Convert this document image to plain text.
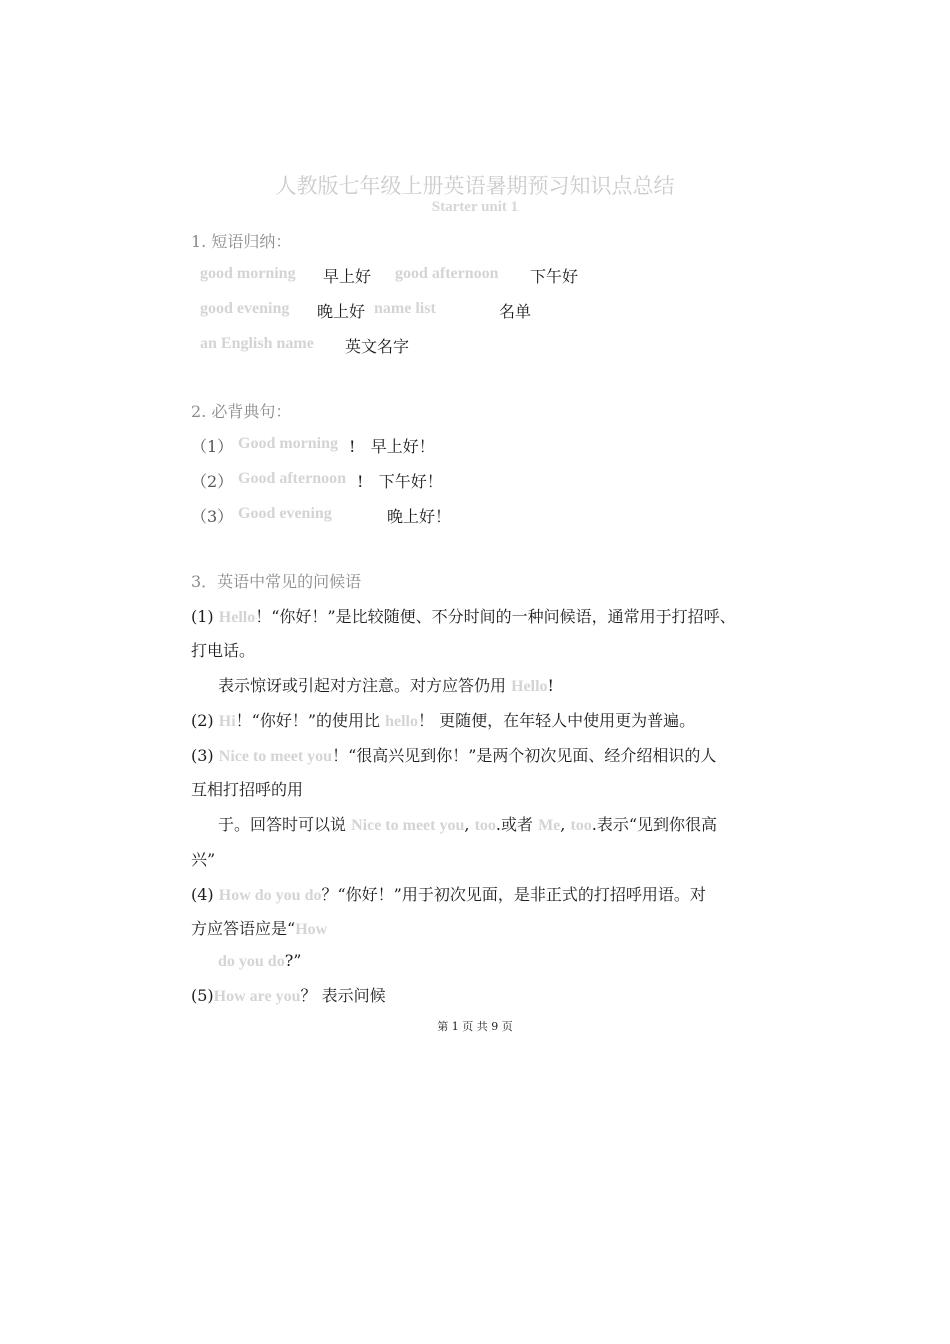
人教版七年级上册英语暑期预习知识点总结
Starter unit 1
1. 短语归纳：
good morning 早上好 good afternoon 下午好
good evening 晚上好 name list	名单
an English name 英文名字
2. 必背典句：
（1） Good morning !   早上好！
（2） Good afternoon !   下午好！
（3） Good evening	晚上好！
3．英语中常见的问候语
(1) Hello！“你好！”是比较随便、不分时间的一种问候语，通常用于打招呼、
打电话。
表示惊讶或引起对方注意。对方应答仍用 Hello!
(2) Hi！“你好！”的使用比 hello！ 更随便，在年轻人中使用更为普遍。
(3) Nice to meet you！“很高兴见到你！”是两个初次见面、经介绍相识的人
互相打招呼的用
于。回答时可以说 Nice to meet you, too.或者 Me, too.表示“见到你很高
兴”
(4) How do you do？“你好！”用于初次见面，是非正式的打招呼用语。对
方应答语应是“How
do you do?”
(5)How are you？ 表示问候
第 1 页 共 9 页
